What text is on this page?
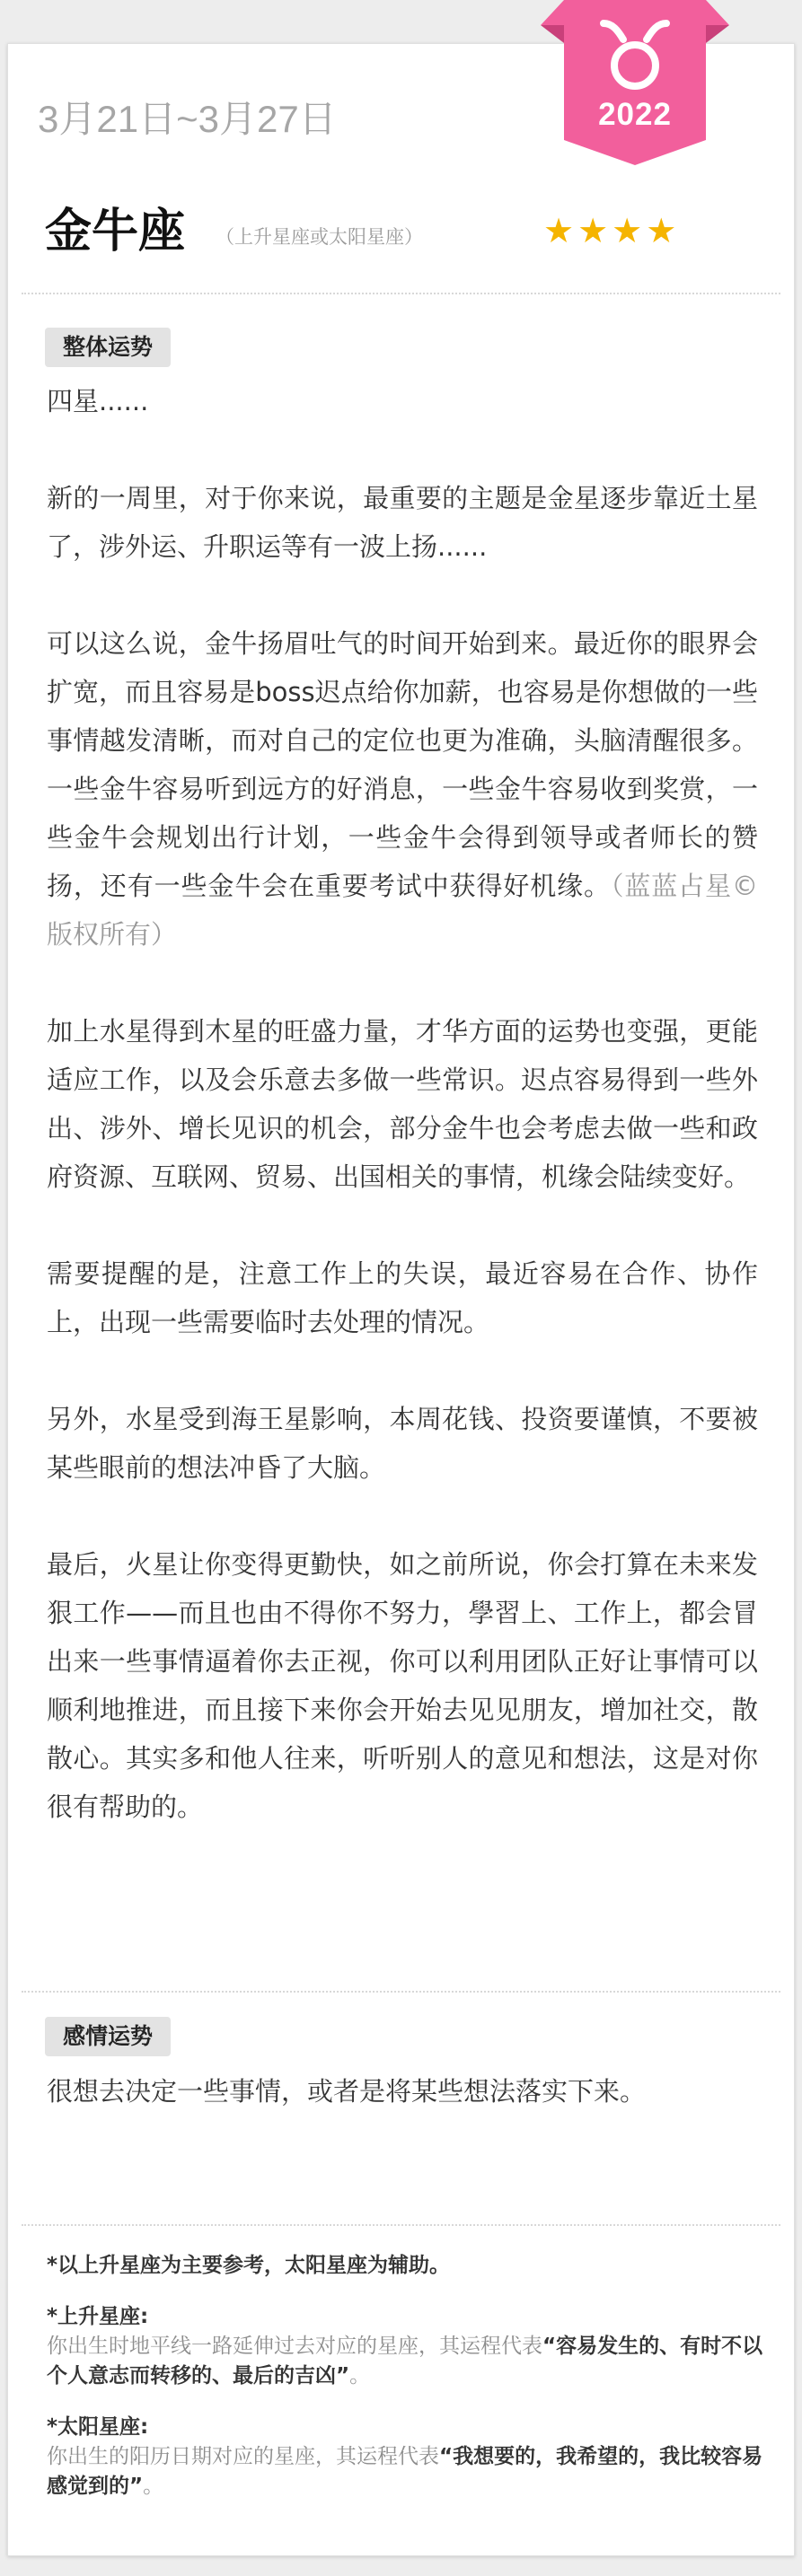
2022
3月21日~3月27日
金牛座 （上升星座或太阳星座）	★★★★
整体运势

四星......

新的一周里，对于你来说，最重要的主题是金星逐步靠近土星了，涉外运、升职运等有一波上扬......

可以这么说，金牛扬眉吐气的时间开始到来。最近你的眼界会扩宽，而且容易是boss迟点给你加薪，也容易是你想做的一些事情越发清晰，而对自己的定位也更为准确，头脑清醒很多。一些金牛容易听到远方的好消息，一些金牛容易收到奖赏，一些金牛会规划出行计划，一些金牛会得到领导或者师长的赞扬，还有一些金牛会在重要考试中获得好机缘。（蓝蓝占星©版权所有）

加上水星得到木星的旺盛力量，才华方面的运势也变强，更能适应工作，以及会乐意去多做一些常识。迟点容易得到一些外出、涉外、增长见识的机会，部分金牛也会考虑去做一些和政府资源、互联网、贸易、出国相关的事情，机缘会陆续变好。

需要提醒的是，注意工作上的失误，最近容易在合作、协作上，出现一些需要临时去处理的情况。

另外，水星受到海王星影响，本周花钱、投资要谨慎，不要被某些眼前的想法冲昏了大脑。

最后，火星让你变得更勤快，如之前所说，你会打算在未来发狠工作——而且也由不得你不努力，學習上、工作上，都会冒出来一些事情逼着你去正视，你可以利用团队正好让事情可以顺利地推进，而且接下来你会开始去见见朋友，增加社交，散散心。其实多和他人往来，听听别人的意见和想法，这是对你很有帮助的。

感情运势

很想去决定一些事情，或者是将某些想法落实下来。

*以上升星座为主要参考，太阳星座为辅助。
*上升星座:
你出生时地平线一路延伸过去对应的星座，其运程代表“容易发生的、有时不以个人意志而转移的、最后的吉凶”。
*太阳星座:
你出生的阳历日期对应的星座，其运程代表“我想要的，我希望的，我比较容易感觉到的”。
